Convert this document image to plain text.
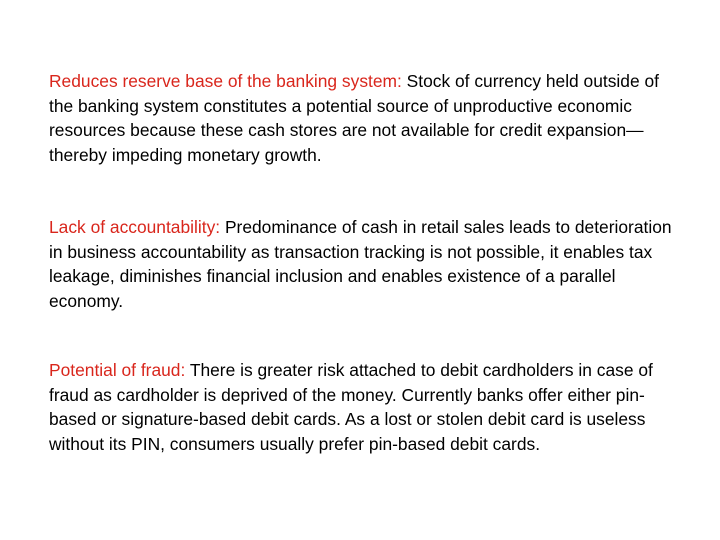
Reduces reserve base of the banking system: Stock of currency held outside of the banking system constitutes a potential source of unproductive economic resources because these cash stores are not available for credit expansion— thereby impeding monetary growth.

Lack of accountability: Predominance of cash in retail sales leads to deterioration in business accountability as transaction tracking is not possible, it enables tax leakage, diminishes financial inclusion and enables existence of a parallel economy.

Potential of fraud: There is greater risk attached to debit cardholders in case of fraud as cardholder is deprived of the money. Currently banks offer either pin-based or signature-based debit cards. As a lost or stolen debit card is useless without its PIN, consumers usually prefer pin-based debit cards.
